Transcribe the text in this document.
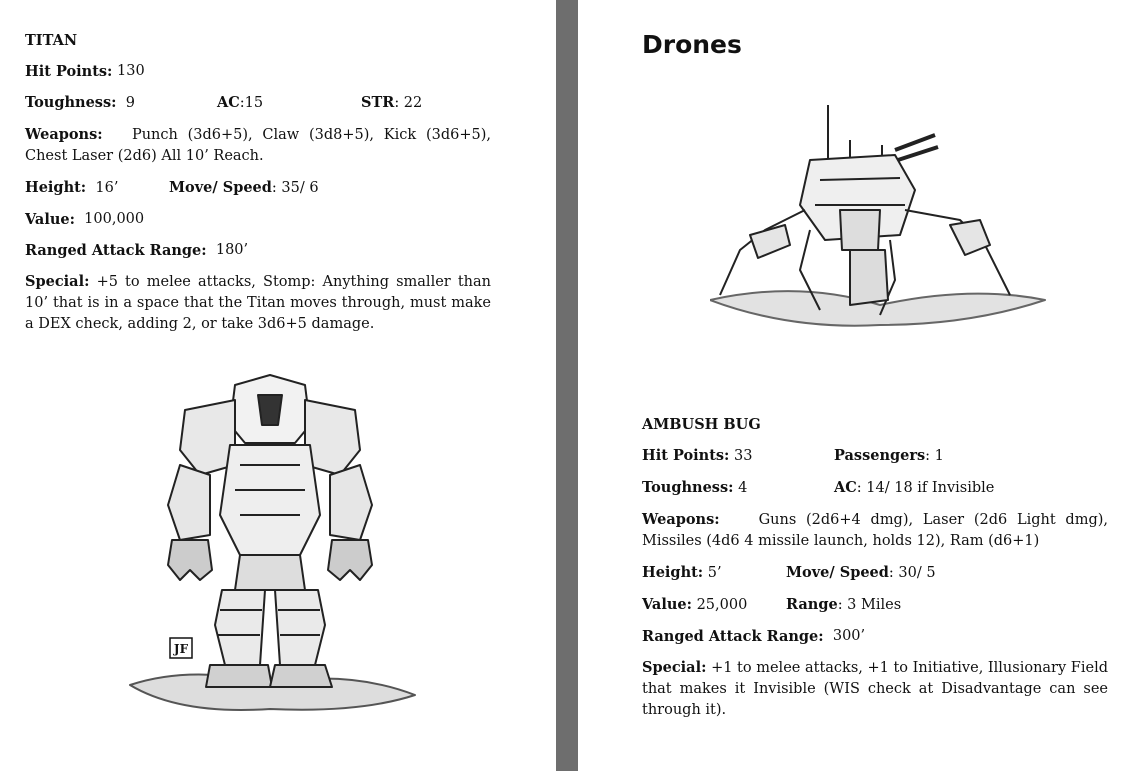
TITAN
Hit Points:
130
Toughness: 9	AC:15	STR: 22
Weapons: Punch (3d6+5), Claw (3d8+5), Kick (3d6+5), Chest Laser (2d6) All 10’ Reach.
Height: 16’	Move/ Speed: 35/ 6
Value:
100,000
Ranged Attack Range:
180’
Special: +5 to melee attacks, Stomp: Anything smaller than 10’ that is in a space that the Titan moves through, must make a DEX check, adding 2, or take 3d6+5 damage.
JF
Drones
AMBUSH BUG
Hit Points: 33	Passengers: 1
Toughness: 4	AC: 14/ 18 if Invisible
Weapons:	Guns (2d6+4 dmg), Laser (2d6 Light dmg), Missiles (4d6 4 missile launch, holds 12), Ram (d6+1)
Height: 5’	Move/ Speed: 30/ 5
Value: 25,000	Range: 3 Miles
Ranged Attack Range:
300’
Special: +1 to melee attacks, +1 to Initiative, Illusionary Field that makes it Invisible (WIS check at Disadvantage can see through it).
